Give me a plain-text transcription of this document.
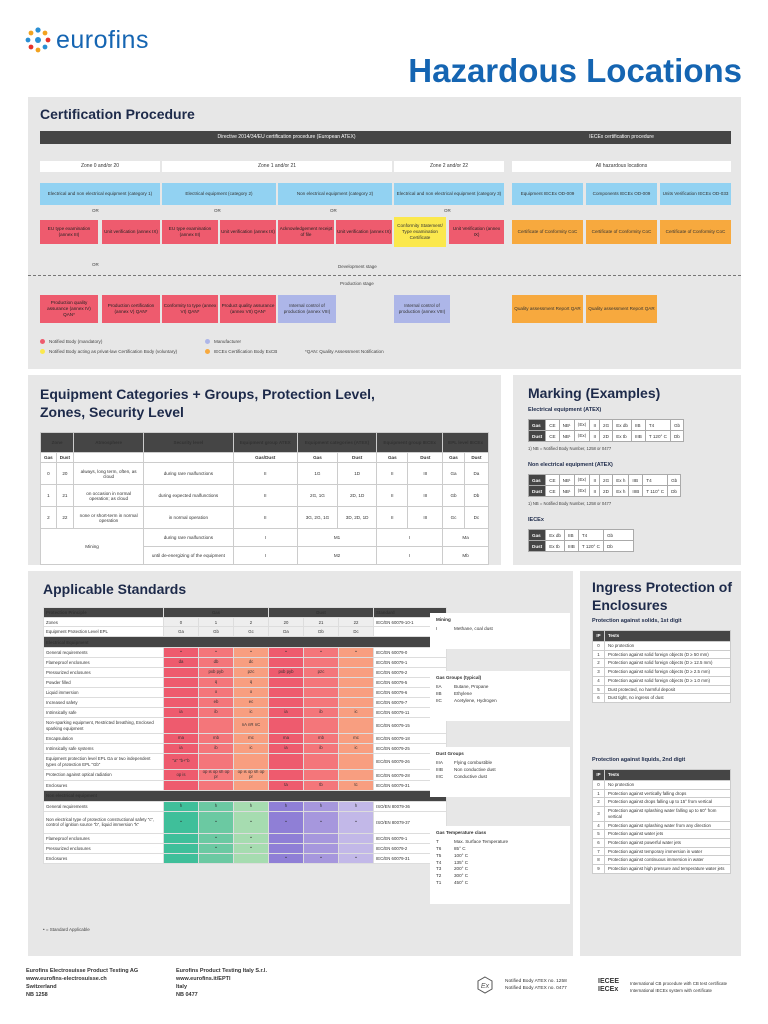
eurofins
Hazardous Locations
Certification Procedure
Directive 2014/34/EU certification procedure (European ATEX)	IECEx certification procedure
Zone 0 and/or 20	Zone 1 and/or 21	Zone 2 and/or 22	All hazardous locations
Electrical and non electrical equipment (category 1)	Electrical equipment (category 2)	Non electrical equipment (category 2)	Electrical and non electrical equipment (category 3)	Equipment IECEx OD-009	Components IECEx OD-009	Units Verification IECEx OD-033
OR	OR	OR	OR
EU type examination (annex III)
Unit verification (annex IX)
EU type examination (annex III)
Unit verification (annex IX)
Acknowledgement receipt of file
Unit verification (annex IX)
Conformity Statement/ Type examination Certificate
Unit Verification (annex IX)
Certificate of Conformity CoC	Certificate of Conformity CoC	Certificate of Conformity CoC
OR	Development stage
Production stage
Production quality assurance (annex IV) QAN*
Production certification (annex V) QAN*
Conformity to type (annex VI) QAN*
Product quality assurance (annex VII) QAN*
Internal control of production (annex VIII)
Internal control of production (annex VIII)
Quality assessment Report QAR	Quality assessment Report QAR
Notified Body (mandatory)	Manufacturer
Notified Body acting as privat-law Certification Body (voluntary)	IECEx Certification Body ExCB	*QAN: Quality Assessment Notification
Equipment Categories + Groups, Protection Level, Zones, Security Level
Zone		Atmosphere	Security level	Equipment group ATEX	Equipment categories (ATEX)		Equipment group IECEx		EPL level IECEx	
Gas	Dust			Gas/Dust	Gas	Dust	Gas	Dust	Gas	Dust
0	20	always, long term, often, as cloud	during rare malfunctions	II	1G	1D	II	III	Ga	Da
1	21	on occasion in normal operation; as cloud	during expected malfunctions	II	2G, 1G	2D, 1D	II	III	Gb	Db
2	22	none or short-term in normal operation	in normal operation	II	3G, 2G, 1G	3D, 2D, 1D	II	III	Gc	Dc
Mining			during rare malfunctions	I	M1		I		Ma	
			until de-energizing of the equipment	I	M2		I		Mb	
Marking (Examples)
Electrical equipment (ATEX)
Gas	CE	NB¹	⟨Ex⟩	II	2G	Ex db	IIB	T4	Gb
Dust	CE	NB¹	⟨Ex⟩	II	2D	Ex tb	IIIB	T 120° C	Db
1) NB = Notified Body Number, 1258 or 0477
Non electrical equipment (ATEX)
Gas	CE	NB¹	⟨Ex⟩	II	2G	Ex h	IIB	T4	Gb
Dust	CE	NB¹	⟨Ex⟩	II	2D	Ex h	IIIB	T 110° C	Db
1) NB = Notified Body Number, 1258 or 0477
IECEx
Gas	Ex db	IIB	T4	Gb
Dust	Ex tb	IIIB	T 120° C	Db
Applicable Standards
Protection Principle	Gas			Dust			Standard
Zones	0	1	2	20	21	22	IEC/EN 60079-10-1
Equipment Protection Level EPL	Ga	Gb	Gc	Da	Db	Dc	
Electrical Equipment							
General requirements	•	•	•	•	•	•	IEC/EN 60079-0
Flameproof enclosures	da	db	dc				IEC/EN 60079-1
Pressurized enclosures		pxb pyb	pzc	pxb pyb	pzc		IEC/EN 60079-2
Powder filled		q	q				IEC/EN 60079-5
Liquid immersion		o	o				IEC/EN 60079-6
Increased safety		eb	ec				IEC/EN 60079-7
Intrinsically safe	ia	ib	ic	ia	ib	ic	IEC/EN 60079-11
Non-sparking equipment, Restricted breathing, Enclosed sparking equipment			nA nR nC				IEC/EN 60079-15
Encapsulation	ma	mb	mc	ma	mb	mc	IEC/EN 60079-18
Intrinsically safe systems	ia	ib	ic	ia	ib	ic	IEC/EN 60079-25
Equipment protection level EPL Ga or two independent types of protection EPL "Gb"	"a" "b+"b						IEC/EN 60079-26
Protection against optical radiation	op is	op is op sh op pr	op is op sh op pr				IEC/EN 60079-28
Enclosures				ta	tb	tc	IEC/EN 60079-31
Non electrical equipment							
General requirements	h	h	h	h	h	h	ISO/EN 80079-36
Non electrical type of protection constructional safety "c", control of ignition source "b", liquid immersion "k"	•	•	•	•	•	•	ISO/EN 80079-37
Flameproof enclosures		•	•				IEC/EN 60079-1
Pressurized enclosures		•	•				IEC/EN 60079-2
Enclosures				•	•	•	IEC/EN 60079-31
• = Standard Applicable
Mining
I	Methane, coal dust
Gas Groups (typical)
IIA	Butane, Propane
IIB	Ethylene
IIC	Acetylene, Hydrogen
Dust Groups
IIIA	Flying combustible
IIIB	Non conductive dust
IIIC	Conductive dust
Gas Temperature class
T	Max. Surface Temperature
T6	85° C
T5	100° C
T4	135° C
T3	200° C
T2	300° C
T1	450° C
Ingress Protection of Enclosures
Protection against solids, 1st digit
IP	Tests
0	No protection
1	Protection against solid foreign objects (D ≥ 50 mm)
2	Protection against solid foreign objects (D ≥ 12.5 mm)
3	Protection against solid foreign objects (D ≥ 2.5 mm)
4	Protection against solid foreign objects (D ≥ 1.0 mm)
5	Dust protected, no harmful deposit
6	Dust tight, no ingress of dust
Protection against liquids, 2nd digit
IP	Tests
0	No protection
1	Protection against vertically falling drops
2	Protection against drops falling up to 15° from vertical
3	Protection against splashing water falling up to 60° from vertical
4	Protection against splashing water from any direction
5	Protection against water jets
6	Protection against powerful water jets
7	Protection against temporary immersion in water
8	Protection against continuous immersion in water
9	Protection against high pressure and temperature water jets
Eurofins Electrosuisse Product Testing AG
www.eurofins-electrosuisse.ch
Switzerland
NB 1258
Eurofins Product Testing Italy S.r.l.
www.eurofins.it/EPTI
Italy
NB 0477
Ex
Notified Body ATEX no. 1258
Notified Body ATEX no. 0477
IECEE
IECEx
International CB procedure with CB test certificate
International IECEx system with certificate
